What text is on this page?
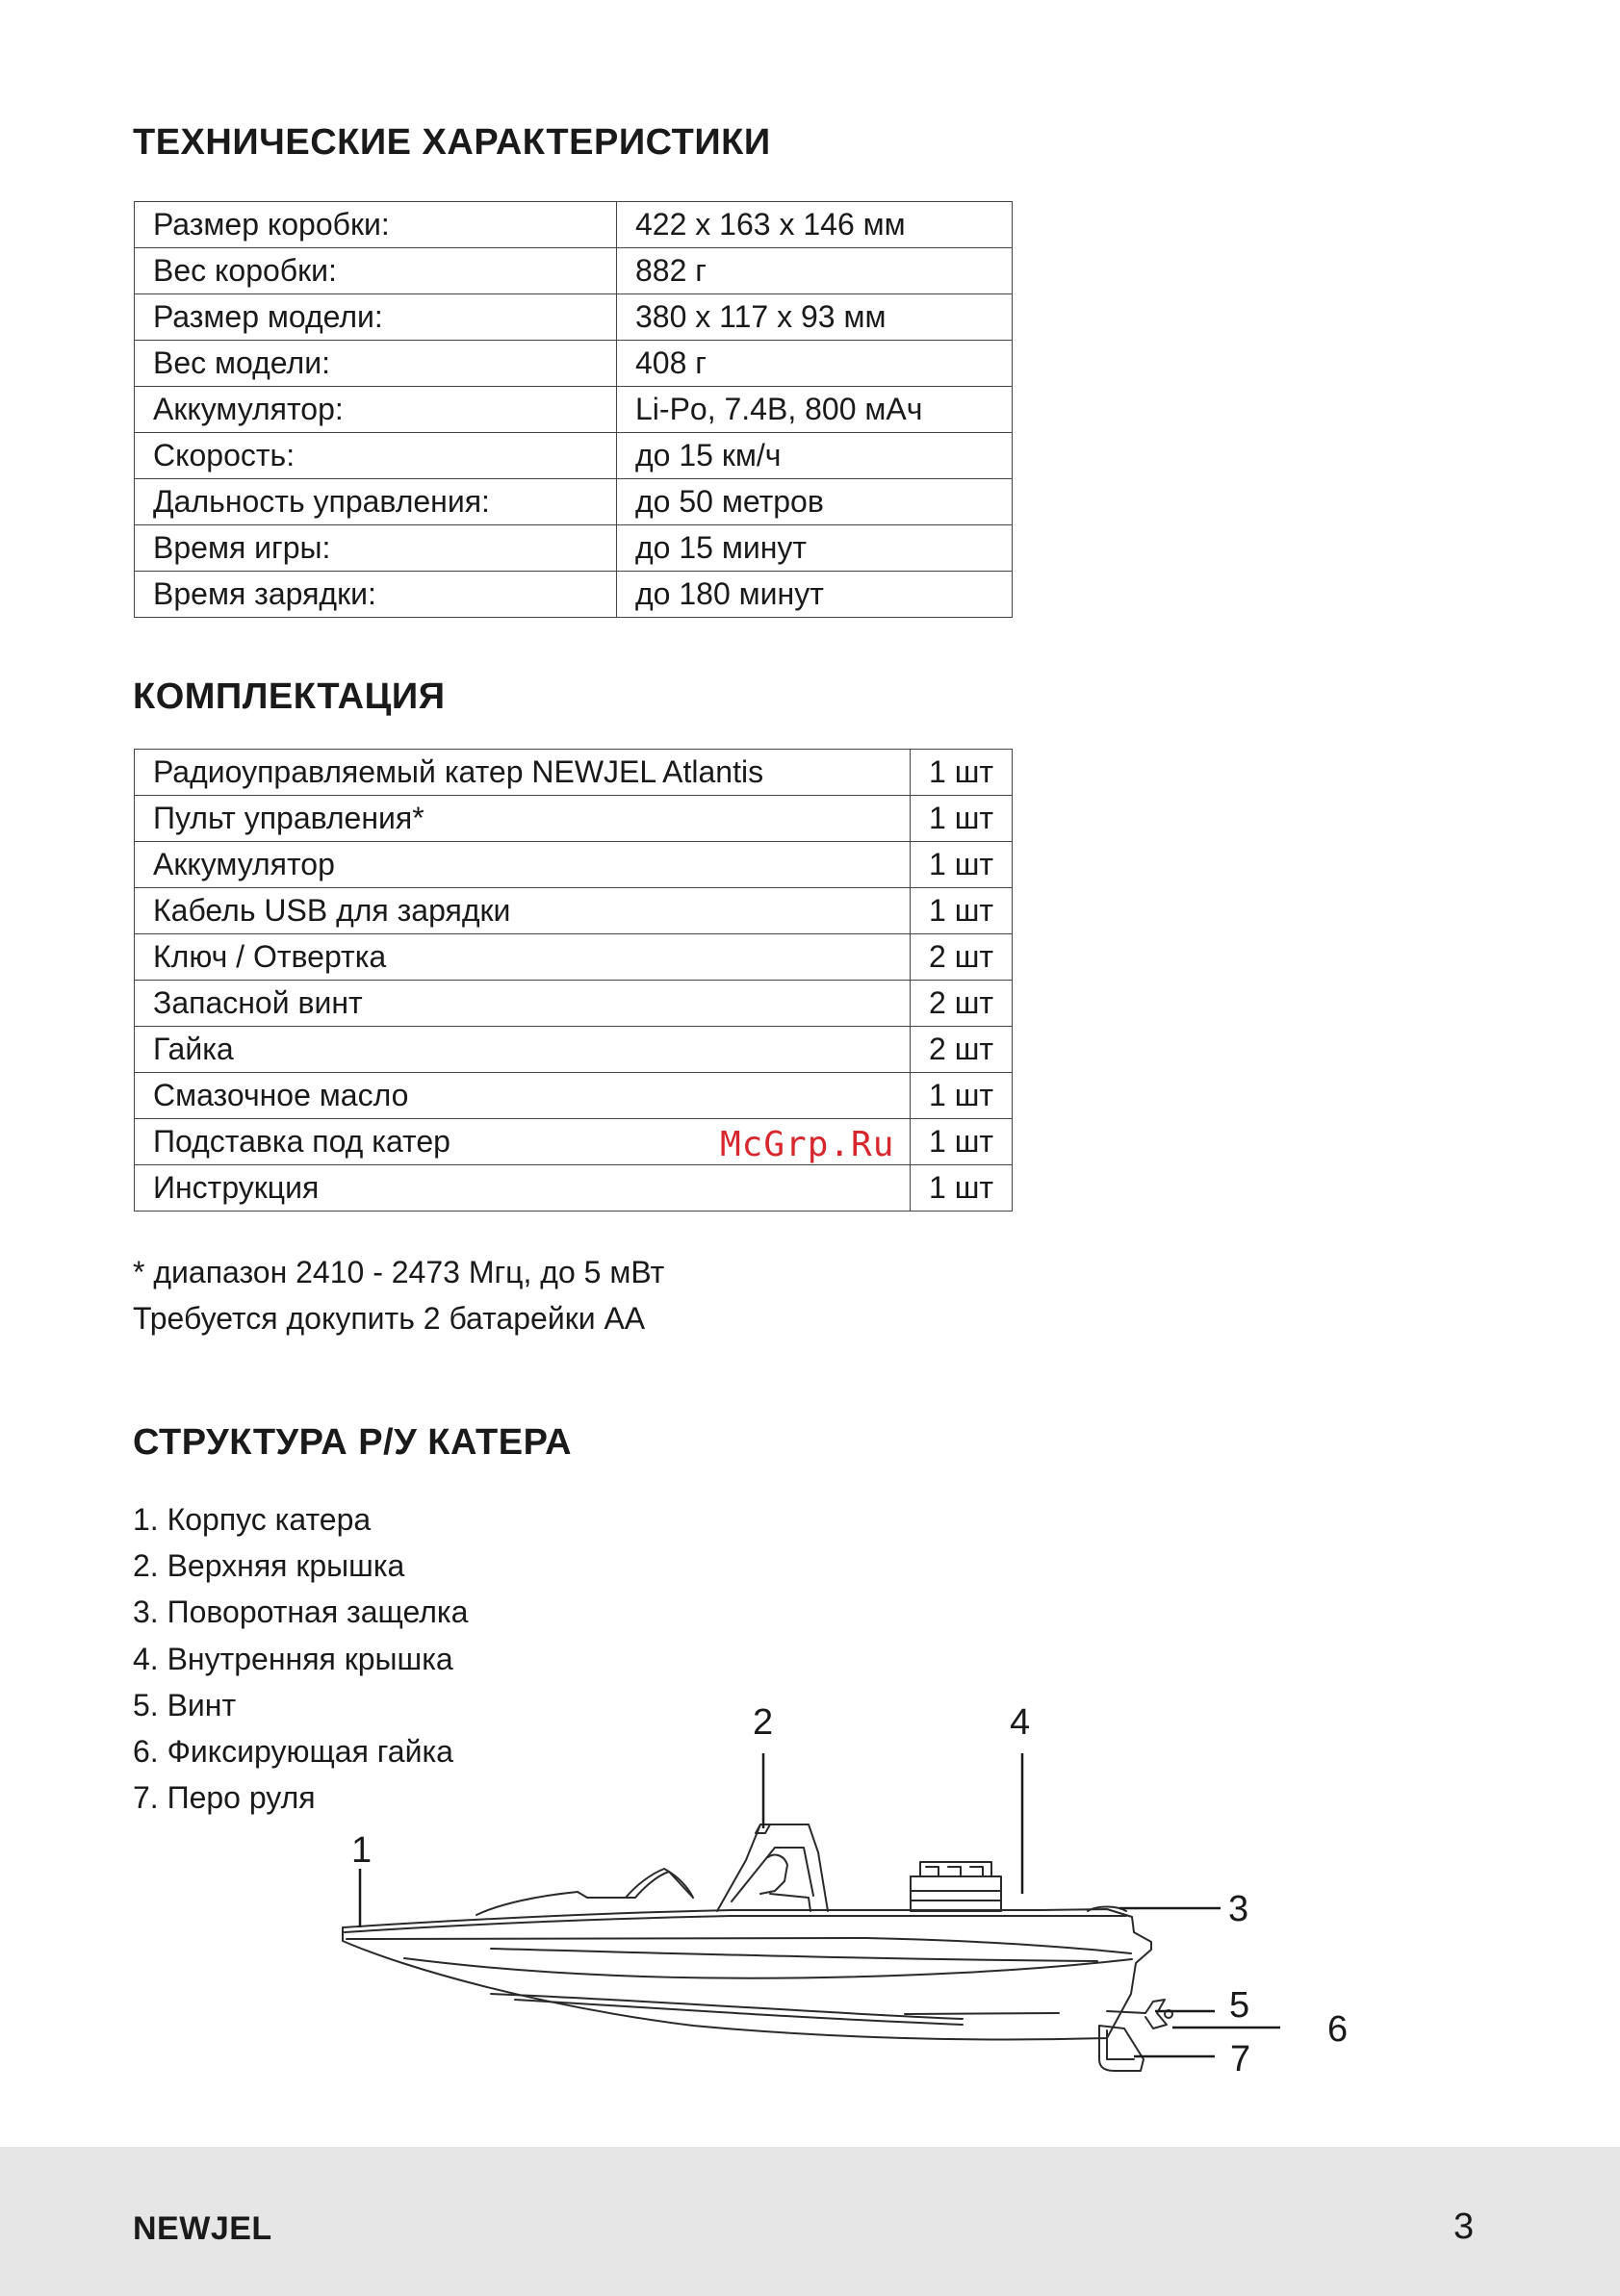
ТЕХНИЧЕСКИЕ ХАРАКТЕРИСТИКИ
Размер коробки:	422 х 163 х 146 мм
Вес коробки:	882 г
Размер модели:	380 х 117 х 93 мм
Вес модели:	408 г
Аккумулятор:	Li-Po, 7.4В, 800 мАч
Скорость:	до 15 км/ч
Дальность управления:	до 50 метров
Время игры:	до 15 минут
Время зарядки:	до 180 минут
КОМПЛЕКТАЦИЯ
Радиоуправляемый катер NEWJEL Atlantis	1 шт
Пульт управления*	1 шт
Аккумулятор	1 шт
Кабель USB для зарядки	1 шт
Ключ / Отвертка	2 шт
Запасной винт	2 шт
Гайка	2 шт
Смазочное масло	1 шт
Подставка под катер	1 шт
Инструкция	1 шт
* диапазон 2410 - 2473 Мгц, до 5 мВт
Требуется докупить 2 батарейки АА
McGrp.Ru
СТРУКТУРА Р/У КАТЕРА
1. Корпус катера
2. Верхняя крышка
3. Поворотная защелка
4. Внутренняя крышка
5. Винт
6. Фиксирующая гайка
7. Перо руля
1
2
3
4
5
6
7
NEWJEL	3
